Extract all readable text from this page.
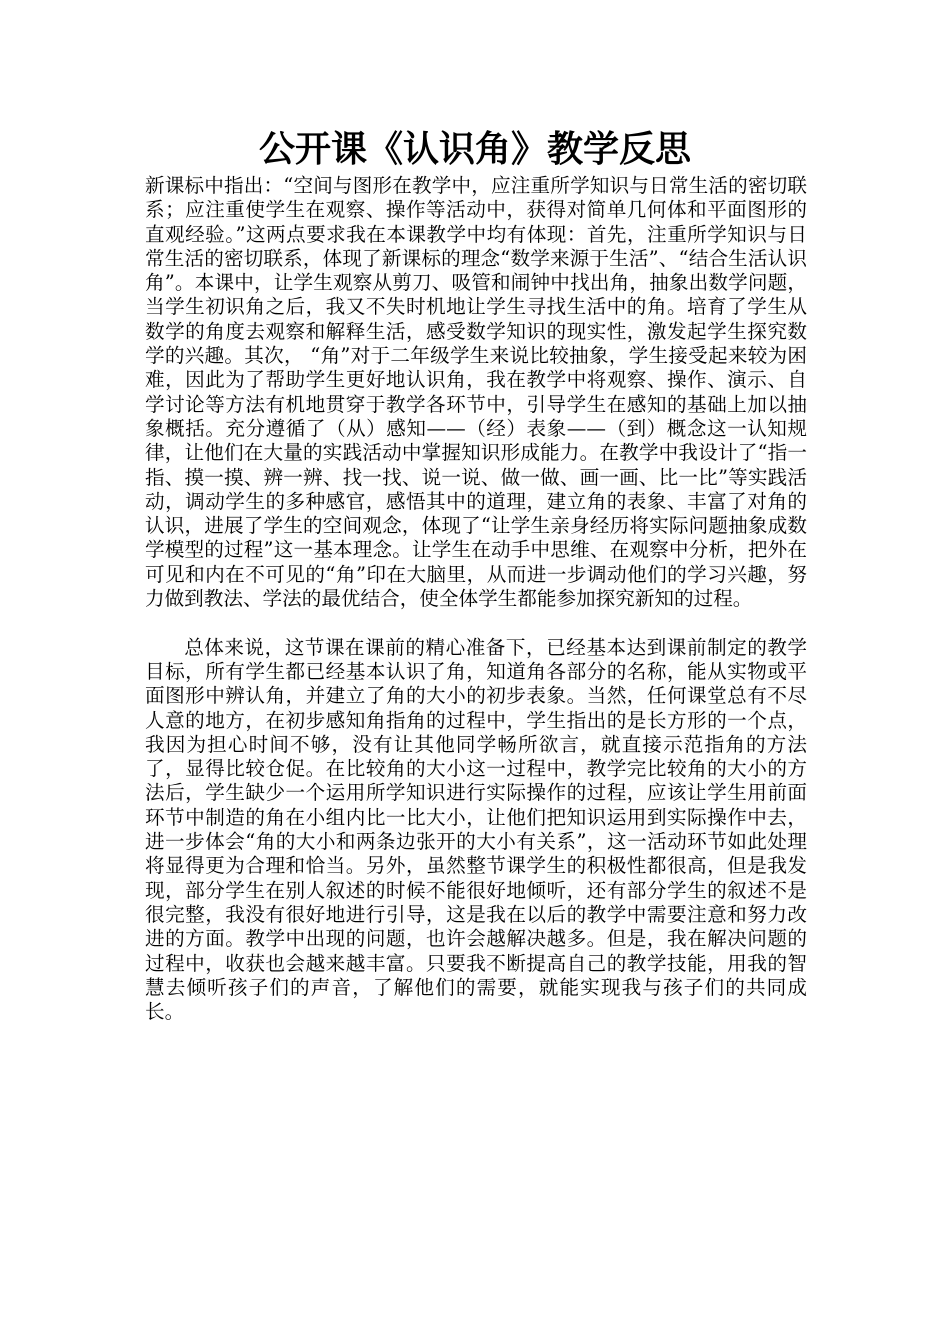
公开课《认识角》教学反思

新课标中指出：“空间与图形在教学中，应注重所学知识与日常生活的密切联系；应注重使学生在观察、操作等活动中，获得对简单几何体和平面图形的直观经验。”这两点要求我在本课教学中均有体现：首先，注重所学知识与日常生活的密切联系，体现了新课标的理念“数学来源于生活”、“结合生活认识角”。本课中，让学生观察从剪刀、吸管和闹钟中找出角，抽象出数学问题，当学生初识角之后，我又不失时机地让学生寻找生活中的角。培育了学生从数学的角度去观察和解释生活，感受数学知识的现实性，激发起学生探究数学的兴趣。其次， “角”对于二年级学生来说比较抽象，学生接受起来较为困难，因此为了帮助学生更好地认识角，我在教学中将观察、操作、演示、自学讨论等方法有机地贯穿于教学各环节中，引导学生在感知的基础上加以抽象概括。充分遵循了（从）感知——（经）表象——（到）概念这一认知规律，让他们在大量的实践活动中掌握知识形成能力。在教学中我设计了“指一指、摸一摸、辨一辨、找一找、说一说、做一做、画一画、比一比”等实践活动，调动学生的多种感官，感悟其中的道理，建立角的表象、丰富了对角的认识，进展了学生的空间观念，体现了“让学生亲身经历将实际问题抽象成数学模型的过程”这一基本理念。让学生在动手中思维、在观察中分析，把外在可见和内在不可见的“角”印在大脑里，从而进一步调动他们的学习兴趣，努力做到教法、学法的最优结合，使全体学生都能参加探究新知的过程。

总体来说，这节课在课前的精心准备下，已经基本达到课前制定的教学目标，所有学生都已经基本认识了角，知道角各部分的名称，能从实物或平面图形中辨认角，并建立了角的大小的初步表象。当然，任何课堂总有不尽人意的地方，在初步感知角指角的过程中，学生指出的是长方形的一个点，我因为担心时间不够，没有让其他同学畅所欲言，就直接示范指角的方法了，显得比较仓促。在比较角的大小这一过程中，教学完比较角的大小的方法后，学生缺少一个运用所学知识进行实际操作的过程，应该让学生用前面环节中制造的角在小组内比一比大小，让他们把知识运用到实际操作中去，进一步体会“角的大小和两条边张开的大小有关系”，这一活动环节如此处理将显得更为合理和恰当。另外，虽然整节课学生的积极性都很高，但是我发现，部分学生在别人叙述的时候不能很好地倾听，还有部分学生的叙述不是很完整，我没有很好地进行引导，这是我在以后的教学中需要注意和努力改进的方面。教学中出现的问题，也许会越解决越多。但是，我在解决问题的过程中，收获也会越来越丰富。只要我不断提高自己的教学技能，用我的智慧去倾听孩子们的声音，了解他们的需要，就能实现我与孩子们的共同成长。
